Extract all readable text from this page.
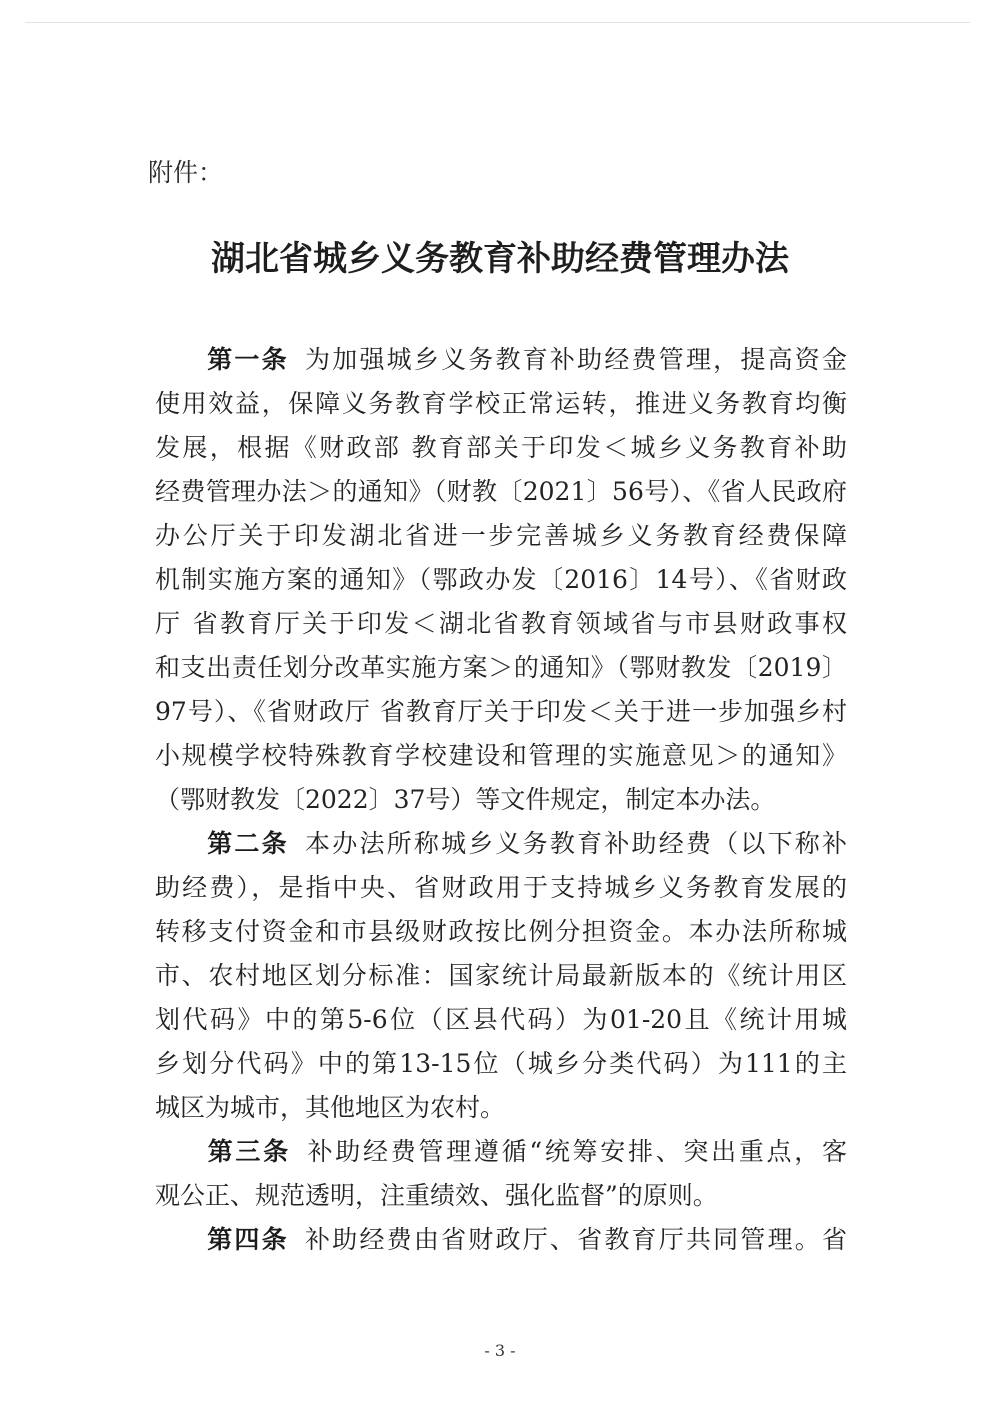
附件：
湖北省城乡义务教育补助经费管理办法
第一条 为加强城乡义务教育补助经费管理，提高资金
使用效益，保障义务教育学校正常运转，推进义务教育均衡
发展，根据《财政部 教育部关于印发＜城乡义务教育补助
经费管理办法＞的通知》（财教〔2021〕56号）、《省人民政府
办公厅关于印发湖北省进一步完善城乡义务教育经费保障
机制实施方案的通知》（鄂政办发〔2016〕14号）、《省财政
厅 省教育厅关于印发＜湖北省教育领域省与市县财政事权
和支出责任划分改革实施方案＞的通知》（鄂财教发〔2019〕
97号）、《省财政厅 省教育厅关于印发＜关于进一步加强乡村
小规模学校特殊教育学校建设和管理的实施意见＞的通知》
（鄂财教发〔2022〕37号）等文件规定，制定本办法。
第二条 本办法所称城乡义务教育补助经费（以下称补
助经费），是指中央、省财政用于支持城乡义务教育发展的
转移支付资金和市县级财政按比例分担资金。本办法所称城
市、农村地区划分标准：国家统计局最新版本的《统计用区
划代码》中的第5-6位（区县代码）为01-20且《统计用城
乡划分代码》中的第13-15位（城乡分类代码）为111的主
城区为城市，其他地区为农村。
第三条 补助经费管理遵循“统筹安排、突出重点，客
观公正、规范透明，注重绩效、强化监督”的原则。
第四条 补助经费由省财政厅、省教育厅共同管理。省
- 3 -
